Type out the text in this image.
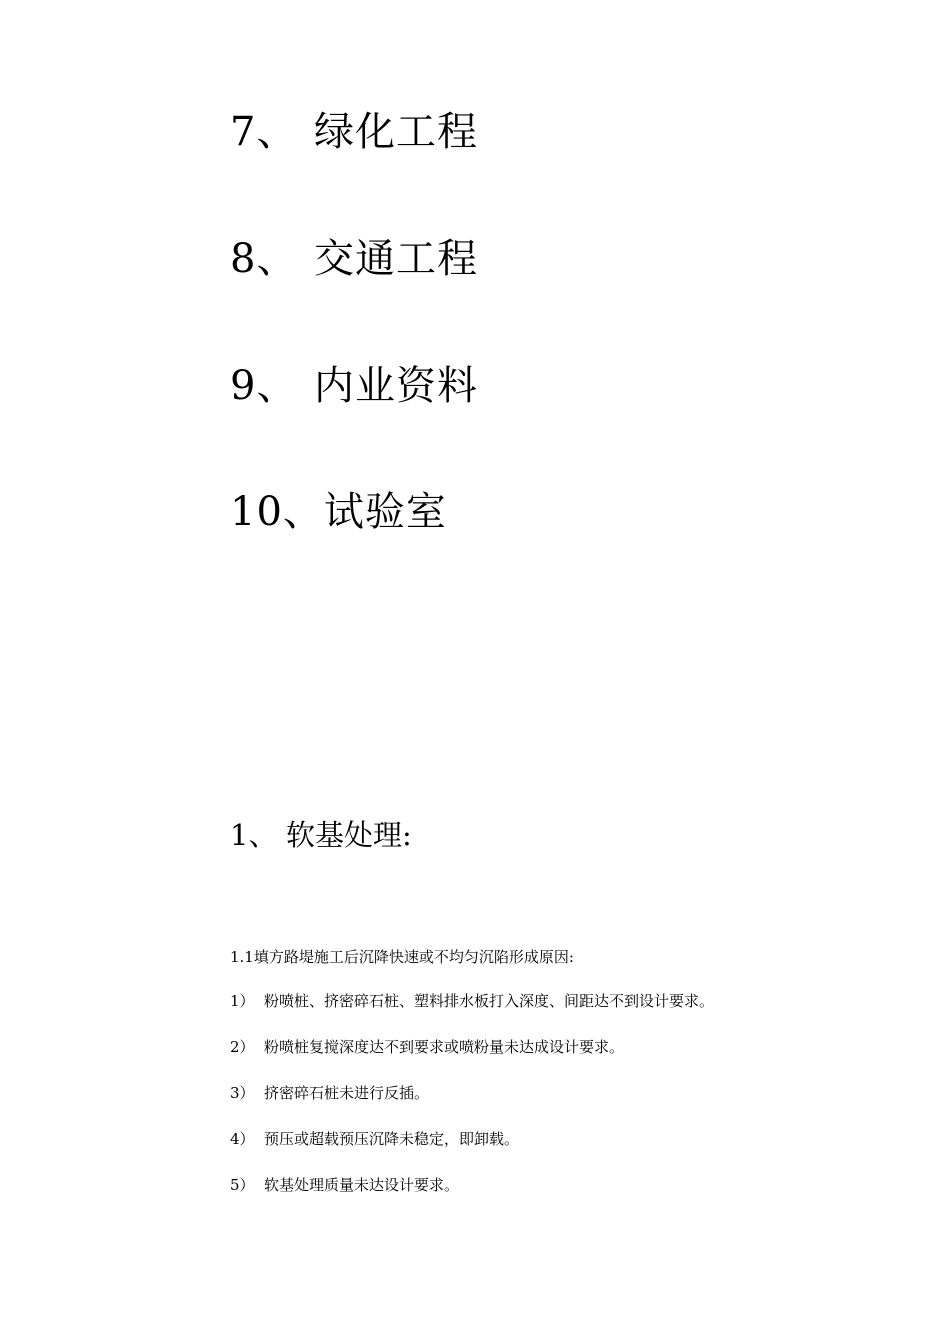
7、 绿化工程
8、 交通工程
9、 内业资料
10、试验室
1、 软基处理:
1.1填方路堤施工后沉降快速或不均匀沉陷形成原因:
1） 粉喷桩、挤密碎石桩、塑料排水板打入深度、间距达不到设计要求。
2） 粉喷桩复搅深度达不到要求或喷粉量未达成设计要求。
3） 挤密碎石桩未进行反插。
4） 预压或超载预压沉降未稳定，即卸载。
5） 软基处理质量未达设计要求。
